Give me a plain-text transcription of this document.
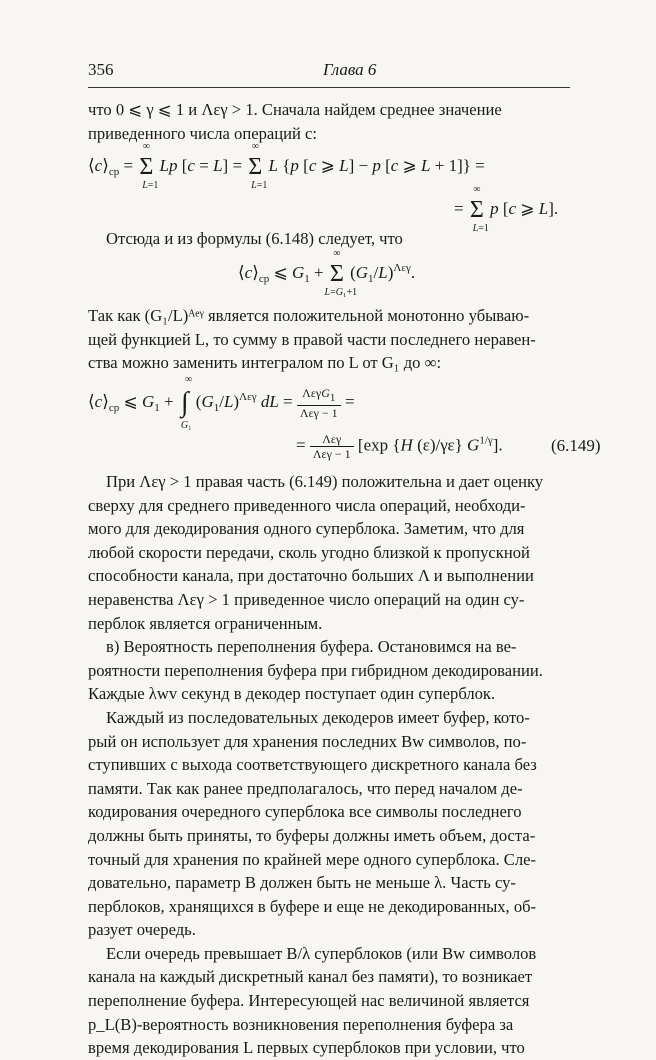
356	Глава 6

что 0 ⩽ γ ⩽ 1 и Λεγ > 1. Сначала найдем среднее значение

приведенного числа операций c:

$⟨c⟩_{ср}$ =
∞
Σ
L=1
Lp [c = L] =
∞
Σ
L=1
L {p [c ⩾ L] − p [c ⩾ L + 1]} =
=
∞
Σ
L=1
p [c ⩾ L].

Отсюда и из формулы (6.148) следует, что

$⟨c⟩_{ср}$ ⩽ $G_1$ +
∞
Σ
L=G₁+1
$(G_1/L)^{\Lambda\varepsilon\gamma}$.

Так как (G₁/L)ᴬᵉᵞ является положительной монотонно убываю-

щей функцией L, то сумму в правой части последнего неравен-

ства можно заменить интегралом по L от G₁ до ∞:

$⟨c⟩_{ср}$ ⩽ $G_1$ +
∞
∫
G₁
$(G_1/L)^{\Lambda\varepsilon\gamma}$ dL = $\frac{\text{ΛεγG1}}{\text{Λεγ − 1}}$ =
= $\frac{\text{Λεγ}}{\text{Λεγ − 1}} [\exp$ {H (ε)/γε} $G^{1/\gamma}$].	(6.149)

При Λεγ > 1 правая часть (6.149) положительна и дает оценку

сверху для среднего приведенного числа операций, необходи-

мого для декодирования одного суперблока. Заметим, что для

любой скорости передачи, сколь угодно близкой к пропускной

способности канала, при достаточно больших Λ и выполнении

неравенства Λεγ > 1 приведенное число операций на один су-

перблок является ограниченным.

в) Вероятность переполнения буфера. Остановимся на ве-

роятности переполнения буфера при гибридном декодировании.

Каждые λwv секунд в декодер поступает один суперблок.

Каждый из последовательных декодеров имеет буфер, кото-

рый он использует для хранения последних Bw символов, по-

ступивших с выхода соответствующего дискретного канала без

памяти. Так как ранее предполагалось, что перед началом де-

кодирования очередного суперблока все символы последнего

должны быть приняты, то буферы должны иметь объем, доста-

точный для хранения по крайней мере одного суперблока. Сле-

довательно, параметр B должен быть не меньше λ. Часть су-

перблоков, хранящихся в буфере и еще не декодированных, об-

разует очередь.

Если очередь превышает B/λ суперблоков (или Bw символов

канала на каждый дискретный канал без памяти), то возникает

переполнение буфера. Интересующей нас величиной является

p_L(B)-вероятность возникновения переполнения буфера за

время декодирования L первых суперблоков при условии, что
